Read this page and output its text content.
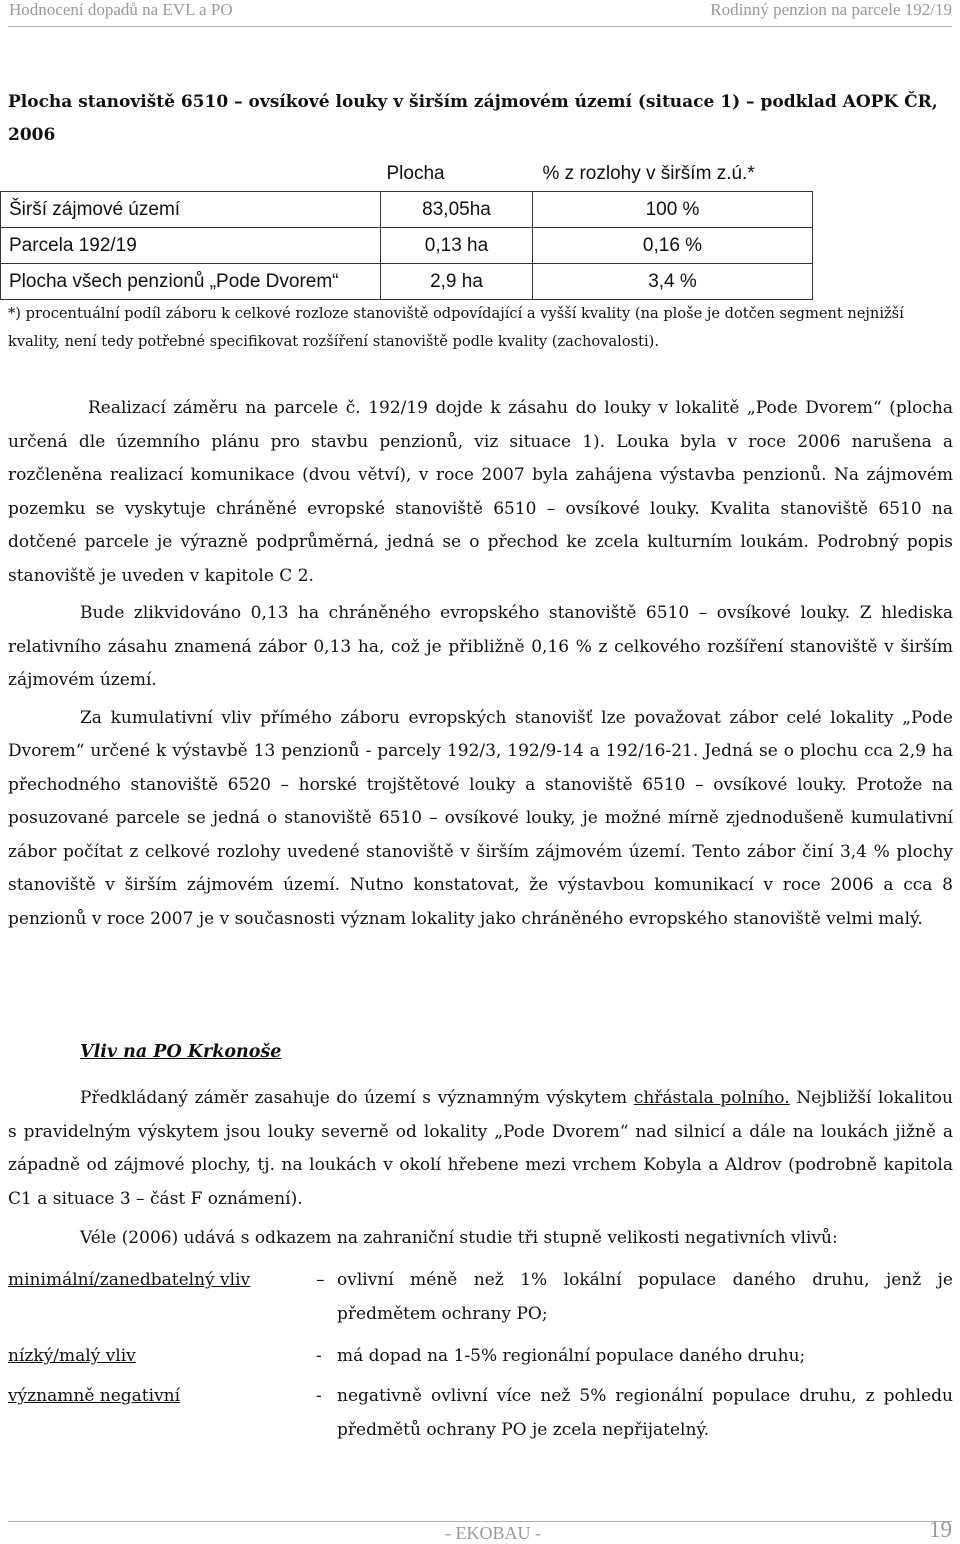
Hodnocení dopadů na EVL a PO	Rodinný penzion na parcele 192/19
Plocha stanoviště 6510 – ovsíkové louky v širším zájmovém území (situace 1) – podklad AOPK ČR, 2006
	Plocha	% z rozlohy v širším z.ú.*
Širší zájmové území	83,05ha	100 %
Parcela 192/19	0,13 ha	0,16 %
Plocha všech penzionů „Pode Dvorem“	2,9 ha	3,4 %
*) procentuální podíl záboru k celkové rozloze stanoviště odpovídající a vyšší kvality (na ploše je dotčen segment nejnižší kvality, není tedy potřebné specifikovat rozšíření stanoviště podle kvality (zachovalosti).

Realizací záměru na parcele č. 192/19 dojde k zásahu do louky v lokalitě „Pode Dvorem“ (plocha určená dle územního plánu pro stavbu penzionů, viz situace 1). Louka byla v roce 2006 narušena a rozčleněna realizací komunikace (dvou větví), v roce 2007 byla zahájena výstavba penzionů. Na zájmovém pozemku se vyskytuje chráněné evropské stanoviště 6510 – ovsíkové louky. Kvalita stanoviště 6510 na dotčené parcele je výrazně podprůměrná, jedná se o přechod ke zcela kulturním loukám. Podrobný popis stanoviště je uveden v kapitole C 2.

Bude zlikvidováno 0,13 ha chráněného evropského stanoviště 6510 – ovsíkové louky. Z hlediska relativního zásahu znamená zábor 0,13 ha, což je přibližně 0,16 % z celkového rozšíření stanoviště v širším zájmovém území.

Za kumulativní vliv přímého záboru evropských stanovišť lze považovat zábor celé lokality „Pode Dvorem“ určené k výstavbě 13 penzionů - parcely 192/3, 192/9-14 a 192/16-21. Jedná se o plochu cca 2,9 ha přechodného stanoviště 6520 – horské trojštětové louky a stanoviště 6510 – ovsíkové louky. Protože na posuzované parcele se jedná o stanoviště 6510 – ovsíkové louky, je možné mírně zjednodušeně kumulativní zábor počítat z celkové rozlohy uvedené stanoviště v širším zájmovém území. Tento zábor činí 3,4 % plochy stanoviště v širším zájmovém území. Nutno konstatovat, že výstavbou komunikací v roce 2006 a cca 8 penzionů v roce 2007 je v současnosti význam lokality jako chráněného evropského stanoviště velmi malý.

Vliv na PO Krkonoše

Předkládaný záměr zasahuje do území s významným výskytem chřástala polního. Nejbližší lokalitou s pravidelným výskytem jsou louky severně od lokality „Pode Dvorem“ nad silnicí a dále na loukách jižně a západně od zájmové plochy, tj. na loukách v okolí hřebene mezi vrchem Kobyla a Aldrov (podrobně kapitola C1 a situace 3 – část F oznámení).

Véle (2006) udává s odkazem na zahraniční studie tři stupně velikosti negativních vlivů:

minimální/zanedbatelný vliv	– ovlivní méně než 1% lokální populace daného druhu, jenž je předmětem ochrany PO;
nízký/malý vliv	- má dopad na 1-5% regionální populace daného druhu;
významně negativní	- negativně ovlivní více než 5% regionální populace druhu, z pohledu předmětů ochrany PO je zcela nepřijatelný.
- EKOBAU -	19
